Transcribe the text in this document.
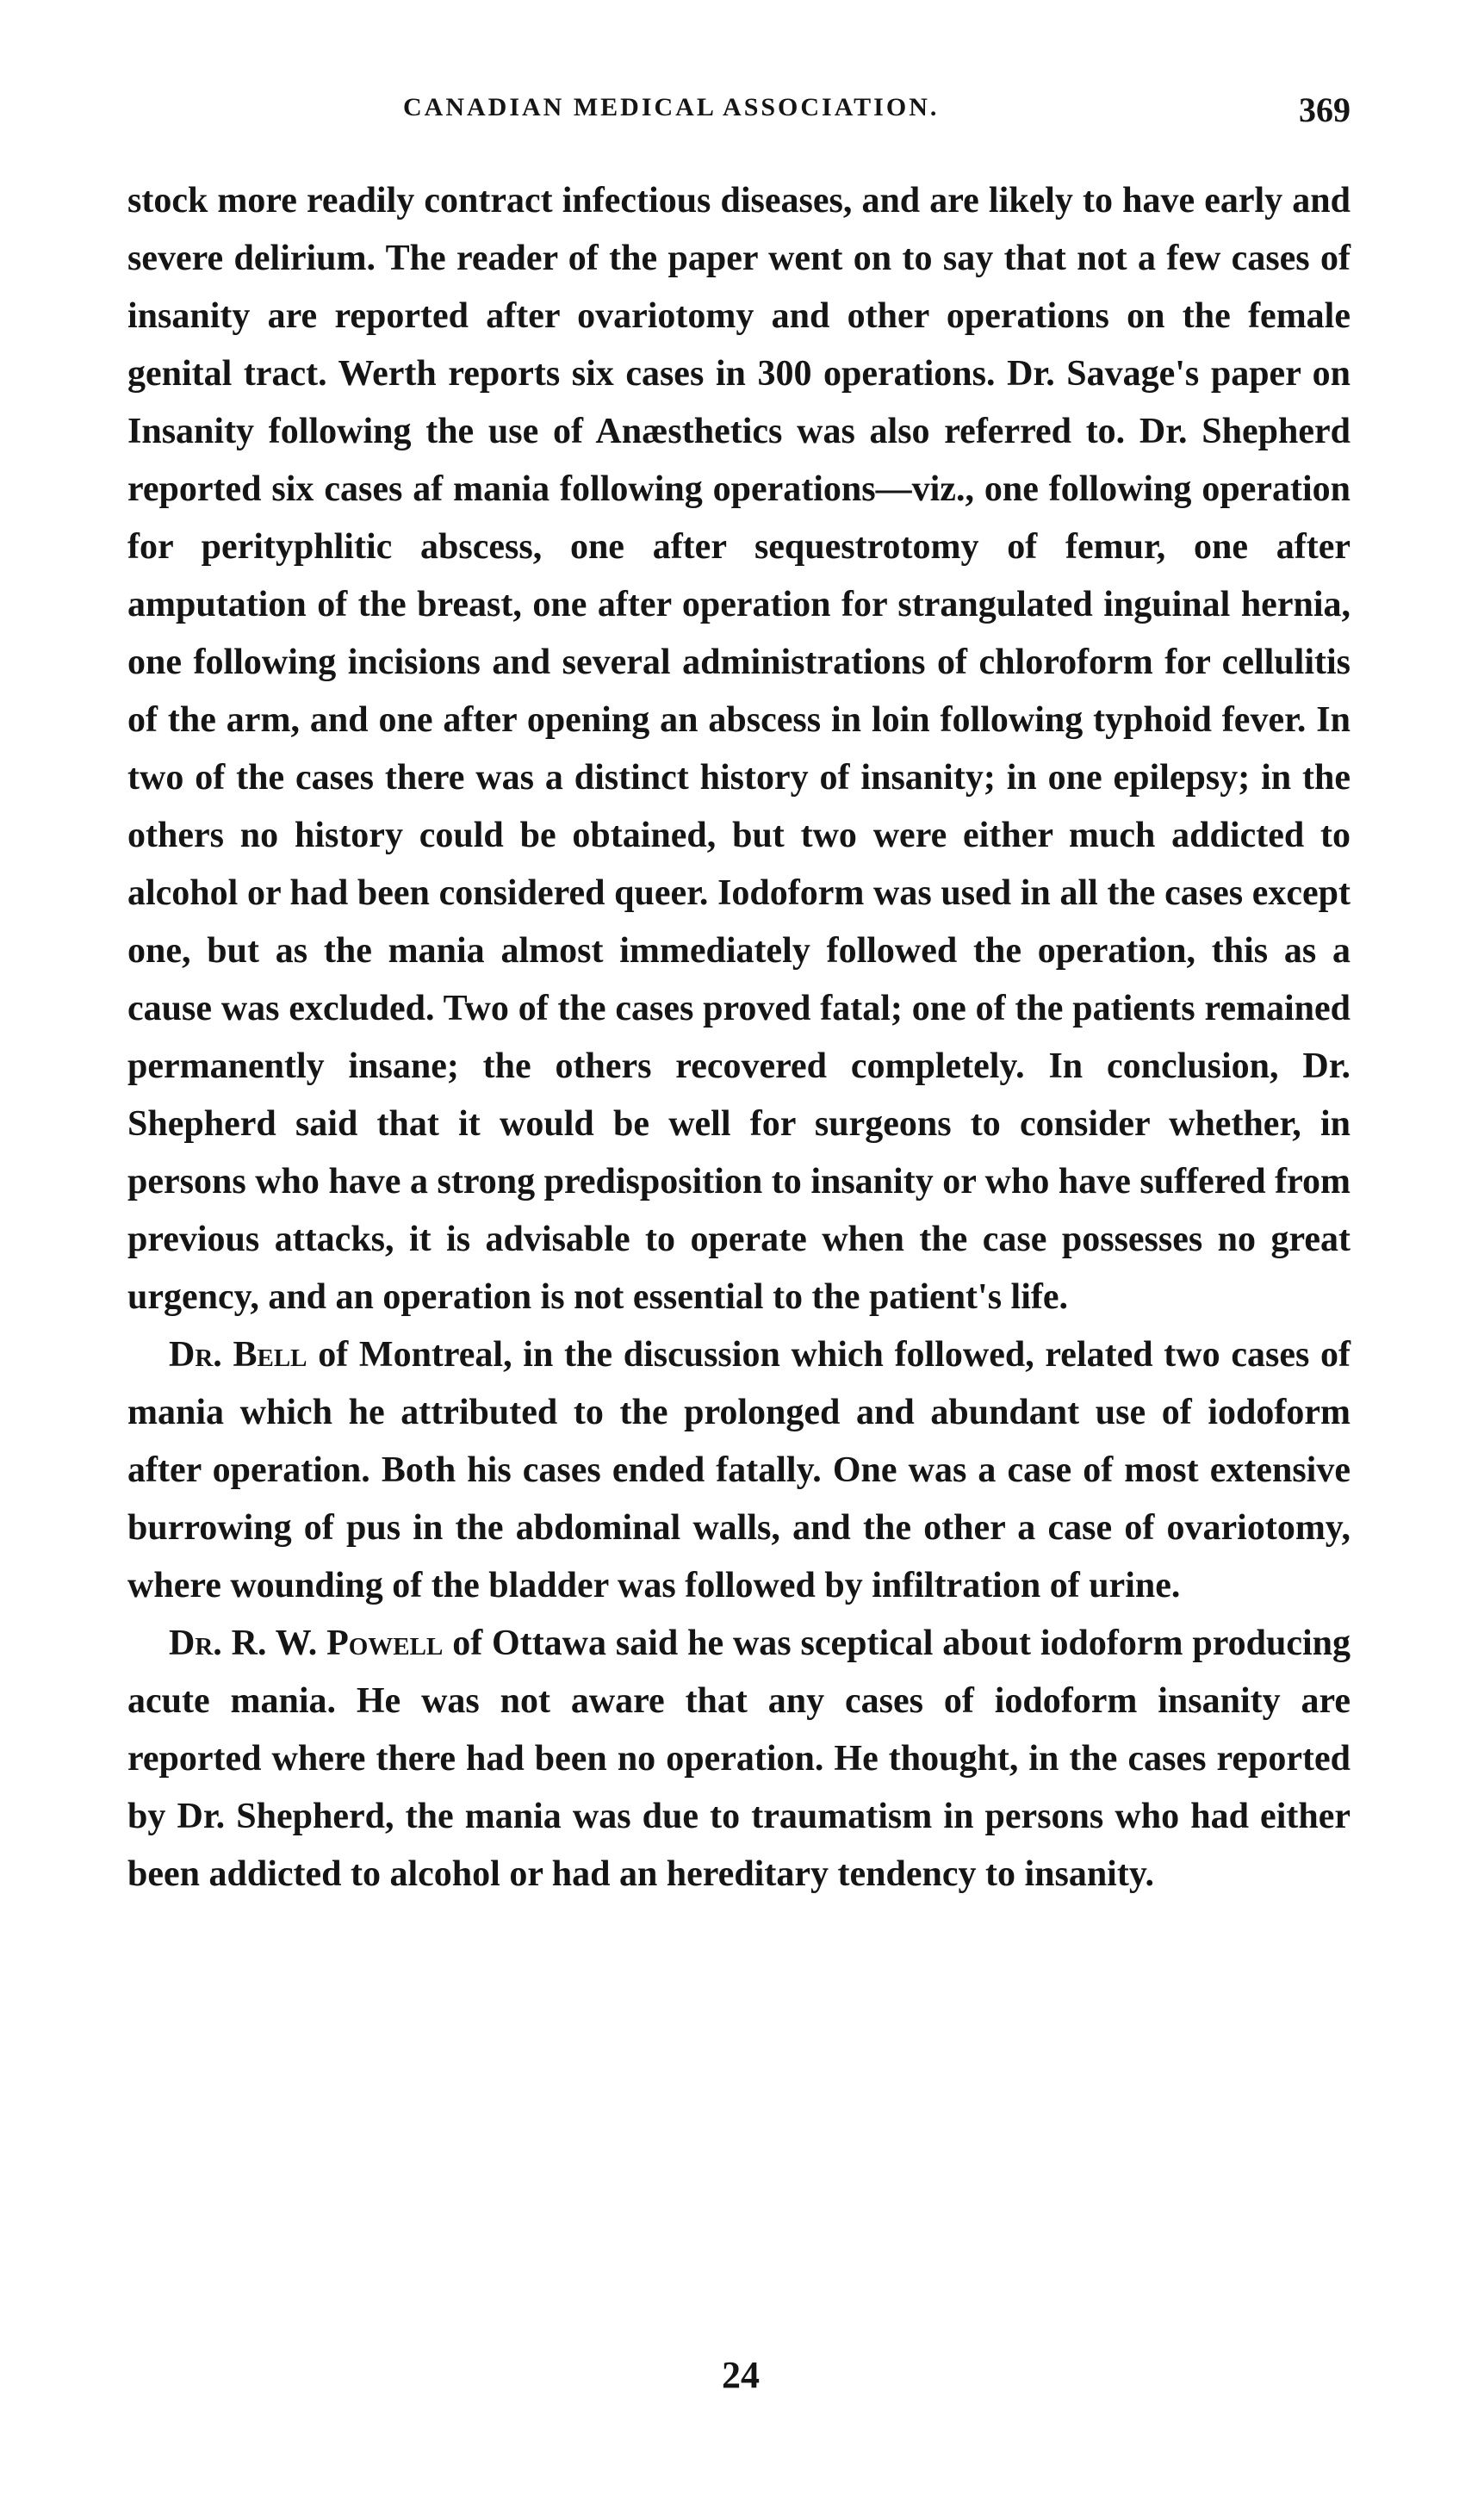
CANADIAN MEDICAL ASSOCIATION.	369

stock more readily contract infectious diseases, and are likely to have early and severe delirium. The reader of the paper went on to say that not a few cases of insanity are reported after ovariotomy and other operations on the female genital tract. Werth reports six cases in 300 operations. Dr. Savage's paper on Insanity following the use of Anæsthetics was also referred to. Dr. Shepherd reported six cases af mania following operations—viz., one following operation for perityphlitic abscess, one after sequestrotomy of femur, one after amputation of the breast, one after operation for strangulated inguinal hernia, one following incisions and several administrations of chloroform for cellulitis of the arm, and one after opening an abscess in loin following typhoid fever. In two of the cases there was a distinct history of insanity; in one epilepsy; in the others no history could be obtained, but two were either much addicted to alcohol or had been considered queer. Iodoform was used in all the cases except one, but as the mania almost immediately followed the operation, this as a cause was excluded. Two of the cases proved fatal; one of the patients remained permanently insane; the others recovered completely. In conclusion, Dr. Shepherd said that it would be well for surgeons to consider whether, in persons who have a strong predisposition to insanity or who have suffered from previous attacks, it is advisable to operate when the case possesses no great urgency, and an operation is not essential to the patient's life.

Dr. Bell of Montreal, in the discussion which followed, related two cases of mania which he attributed to the prolonged and abundant use of iodoform after operation. Both his cases ended fatally. One was a case of most extensive burrowing of pus in the abdominal walls, and the other a case of ovariotomy, where wounding of the bladder was followed by infiltration of urine.

Dr. R. W. Powell of Ottawa said he was sceptical about iodoform producing acute mania. He was not aware that any cases of iodoform insanity are reported where there had been no operation. He thought, in the cases reported by Dr. Shepherd, the mania was due to traumatism in persons who had either been addicted to alcohol or had an hereditary tendency to insanity.

24
